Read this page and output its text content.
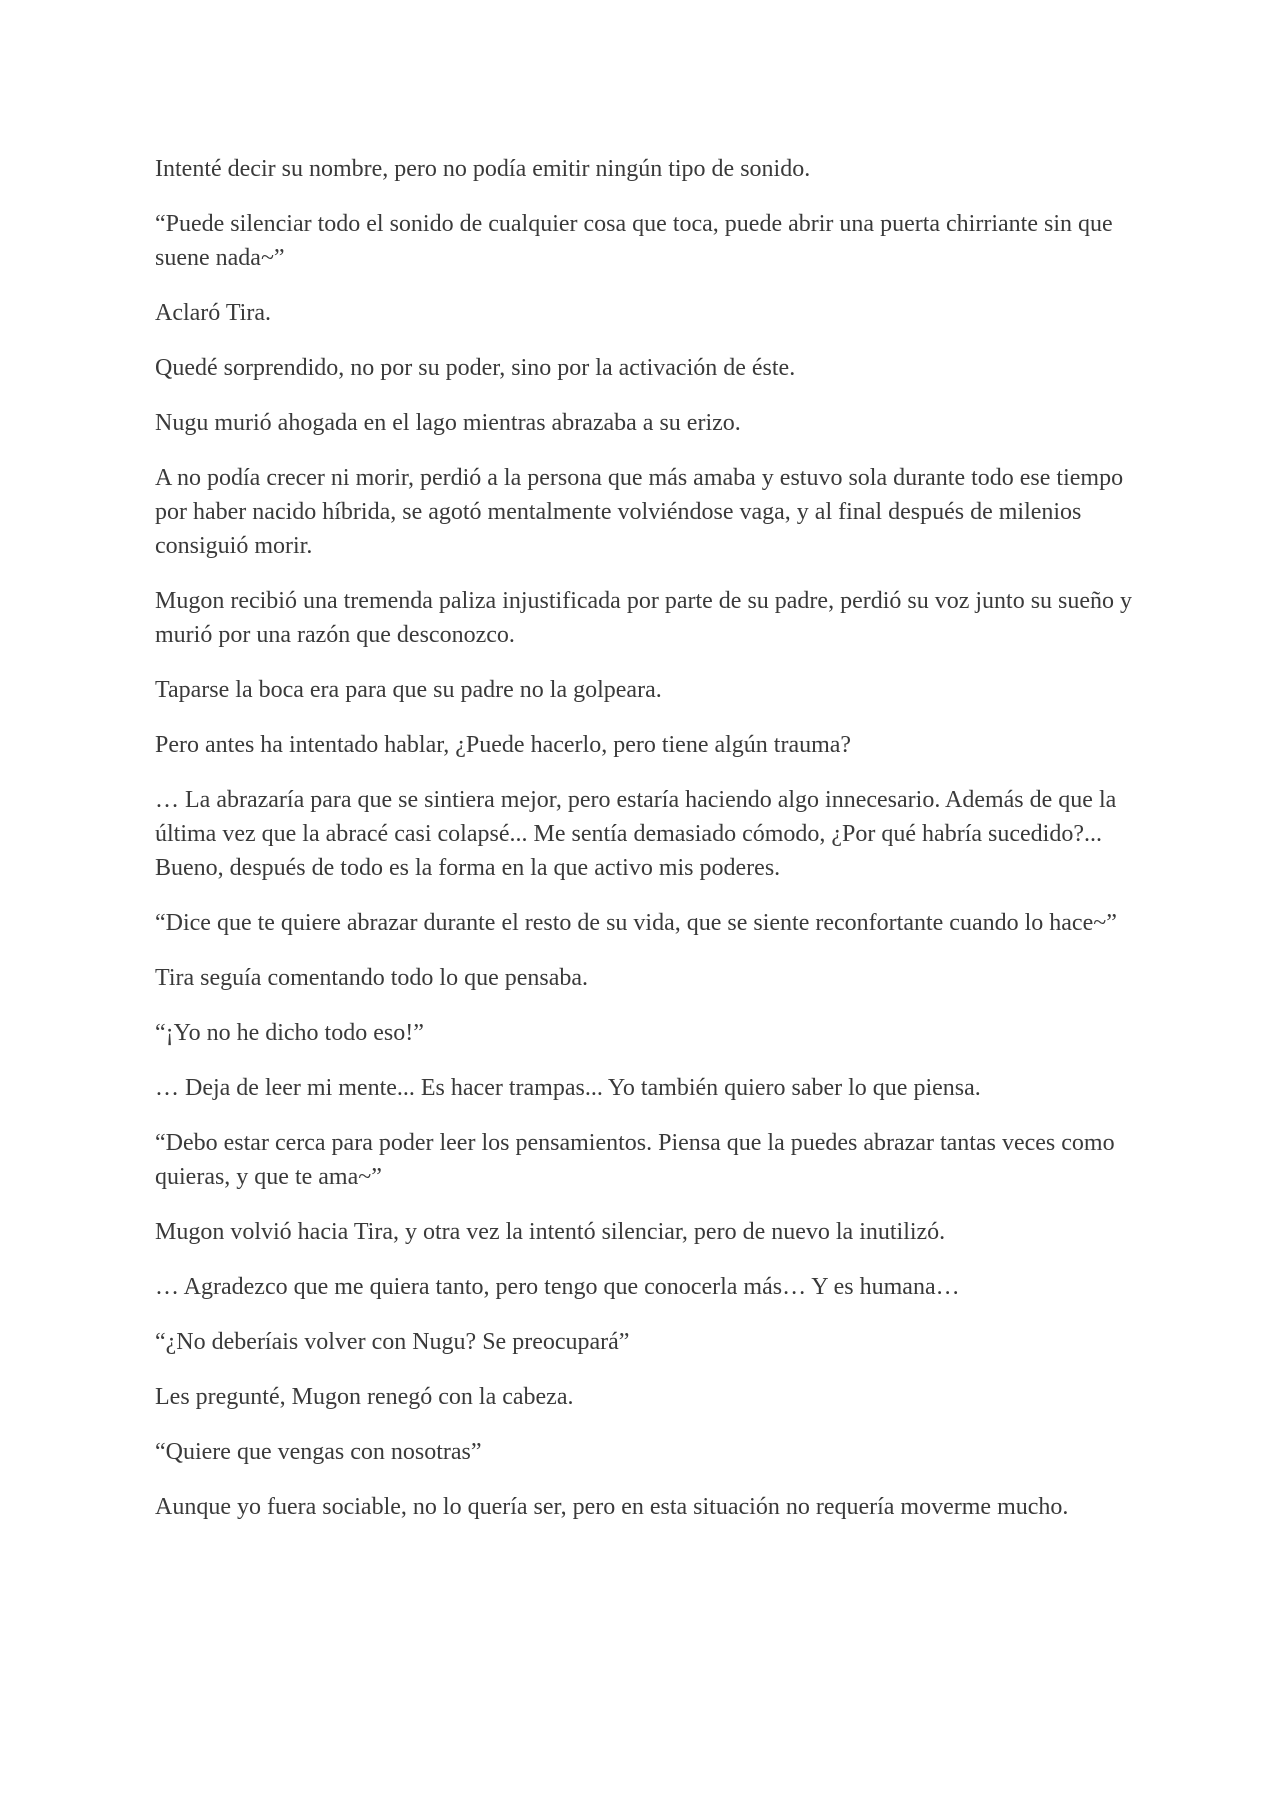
Intenté decir su nombre, pero no podía emitir ningún tipo de sonido.

“Puede silenciar todo el sonido de cualquier cosa que toca, puede abrir una puerta chirriante sin que suene nada~”

Aclaró Tira.

Quedé sorprendido, no por su poder, sino por la activación de éste.

Nugu murió ahogada en el lago mientras abrazaba a su erizo.

A no podía crecer ni morir, perdió a la persona que más amaba y estuvo sola durante todo ese tiempo por haber nacido híbrida, se agotó mentalmente volviéndose vaga, y al final después de milenios consiguió morir.

Mugon recibió una tremenda paliza injustificada por parte de su padre, perdió su voz junto su sueño y murió por una razón que desconozco.

Taparse la boca era para que su padre no la golpeara.

Pero antes ha intentado hablar, ¿Puede hacerlo, pero tiene algún trauma?

… La abrazaría para que se sintiera mejor, pero estaría haciendo algo innecesario. Además de que la última vez que la abracé casi colapsé... Me sentía demasiado cómodo, ¿Por qué habría sucedido?... Bueno, después de todo es la forma en la que activo mis poderes.

“Dice que te quiere abrazar durante el resto de su vida, que se siente reconfortante cuando lo hace~”

Tira seguía comentando todo lo que pensaba.

“¡Yo no he dicho todo eso!”

… Deja de leer mi mente... Es hacer trampas... Yo también quiero saber lo que piensa.

“Debo estar cerca para poder leer los pensamientos. Piensa que la puedes abrazar tantas veces como quieras, y que te ama~”

Mugon volvió hacia Tira, y otra vez la intentó silenciar, pero de nuevo la inutilizó.

… Agradezco que me quiera tanto, pero tengo que conocerla más… Y es humana…

“¿No deberíais volver con Nugu? Se preocupará”

Les pregunté, Mugon renegó con la cabeza.

“Quiere que vengas con nosotras”

Aunque yo fuera sociable, no lo quería ser, pero en esta situación no requería moverme mucho.
